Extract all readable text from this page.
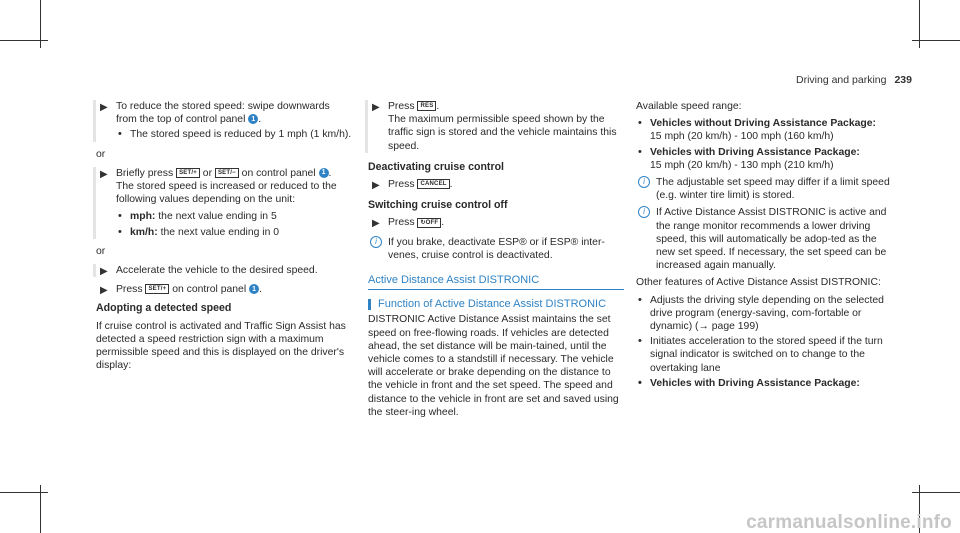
Driving and parking 239
▶ To reduce the stored speed: swipe downwards from the top of control panel 1 .
• The stored speed is reduced by 1 mph (1 km/h).
or
▶ Briefly press SET/+ or SET/− on control panel 1 .

The stored speed is increased or reduced to the following values depending on the unit:

• mph: the next value ending in 5
• km/h: the next value ending in 0
or
▶ Accelerate the vehicle to the desired speed.
▶ Press SET/+ on control panel 1 .
Adopting a detected speed

If cruise control is activated and Traffic Sign Assist has detected a speed restriction sign with a maximum permissible speed and this is displayed on the driver's display:

▶ Press RES .

The maximum permissible speed shown by the traffic sign is stored and the vehicle maintains this speed.

Deactivating cruise control
▶ Press CANCEL .
Switching cruise control off
▶ Press ↻OFF .
i	If you brake, deactivate ESP® or if ESP® inter-venes, cruise control is deactivated.
Active Distance Assist DISTRONIC
Function of Active Distance Assist DISTRONIC

DISTRONIC Active Distance Assist maintains the set speed on free-flowing roads. If vehicles are detected ahead, the set distance will be main-tained, until the vehicle comes to a standstill if necessary. The vehicle will accelerate or brake depending on the distance to the vehicle in front and the set speed. The speed and distance to the vehicle in front are set and saved using the steer-ing wheel.

Available speed range:

• Vehicles without Driving Assistance Package:
15 mph (20 km/h) - 100 mph (160 km/h)
• Vehicles with Driving Assistance Package:
15 mph (20 km/h) - 130 mph (210 km/h)
i	The adjustable set speed may differ if a limit speed (e.g. winter tire limit) is stored.
i	If Active Distance Assist DISTRONIC is active and the range monitor recommends a lower driving speed, this will automatically be adop-ted as the new set speed. If necessary, the set speed can be increased again manually.

Other features of Active Distance Assist DISTRONIC:

• Adjusts the driving style depending on the selected drive program (energy-saving, com-fortable or dynamic) (→ page 199)
• Initiates acceleration to the stored speed if the turn signal indicator is switched on to change to the overtaking lane
• Vehicles with Driving Assistance Package:
carmanualsonline.info
